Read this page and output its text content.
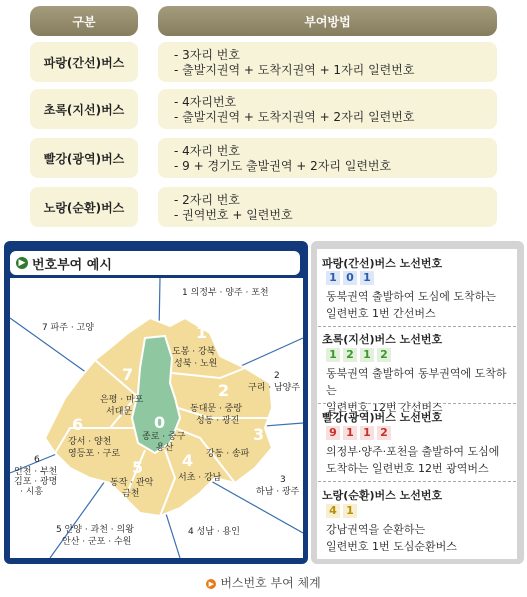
구분	부여방법
파랑(간선)버스
- 3자리 번호
- 출발지권역 + 도착지권역 + 1자리 일련번호
초록(지선)버스
- 4자리번호
- 출발지권역 + 도착지권역 + 2자리 일련번호
빨강(광역)버스
- 4자리 번호
- 9 + 경기도 출발권역 + 2자리 일련번호
노랑(순환)버스
- 2자리 번호
- 권역번호 + 일련번호
▶ 번호부여 예시
1
2
3
4
5
6
7
0
도봉 · 강북
성북 · 노원
동대문 · 중랑
성동 · 광진
강동 · 송파
서초 · 강남
동작 · 관악
금천
강서 · 양천
영등포 · 구로
은평 · 마포
서대문
종로 · 중구
용산
1 의정부 · 양주 · 포천
2
구리 · 남양주
3
하남 · 광주
4 성남 · 용인
5 안양 · 과천 · 의왕
안산 · 군포 · 수원
6
인천 · 부천
김포 · 광명
· 시흥
7 파주 · 고양
파랑(간선)버스 노선번호
1 0 1
동북권역 출발하여 도심에 도착하는
일련번호 1번 간선버스
초록(지선)버스 노선번호
1 2 1 2
동북권역 출발하여 동부권역에 도착하는
일련번호 12번 간선버스
빨강(광역)버스 노선번호
9 1 1 2
의정부·양주·포천을 출발하여 도심에
도착하는 일련번호 12번 광역버스
노랑(순환)버스 노선번호
4 1
강남권역을 순환하는
일련번호 1번 도심순환버스
▶ 버스번호 부여 체계
